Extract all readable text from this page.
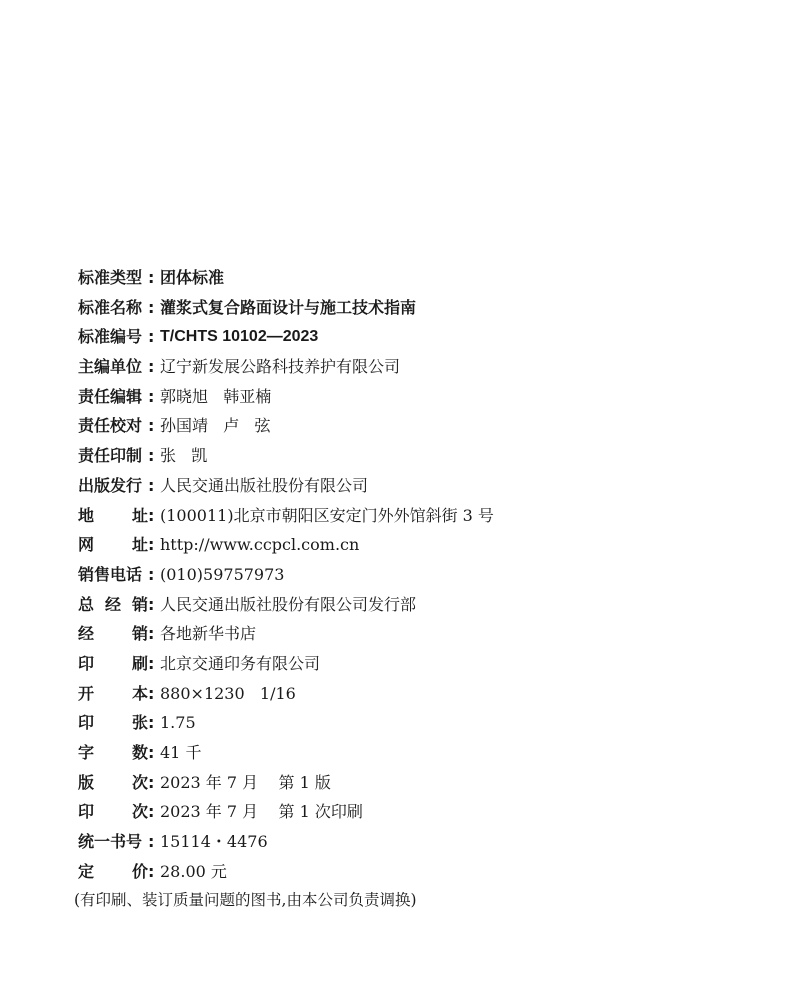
标准类型 : 团体标准
标准名称 : 灌浆式复合路面设计与施工技术指南
标准编号 : T/CHTS 10102—2023
主编单位 : 辽宁新发展公路科技养护有限公司
责任编辑 : 郭晓旭   韩亚楠
责任校对 : 孙国靖   卢   弦
责任印制 : 张   凯
出版发行 : 人民交通出版社股份有限公司
地址 : (100011)北京市朝阳区安定门外外馆斜街 3 号
网址 : http://www.ccpcl.com.cn
销售电话 : (010)59757973
总经销 : 人民交通出版社股份有限公司发行部
经销 : 各地新华书店
印刷 : 北京交通印务有限公司
开本 : 880×1230   1/16
印张 : 1.75
字数 : 41 千
版次 : 2023 年 7 月    第 1 版
印次 : 2023 年 7 月    第 1 次印刷
统一书号 : 15114・4476
定价 : 28.00 元
(有印刷、装订质量问题的图书,由本公司负责调换)
